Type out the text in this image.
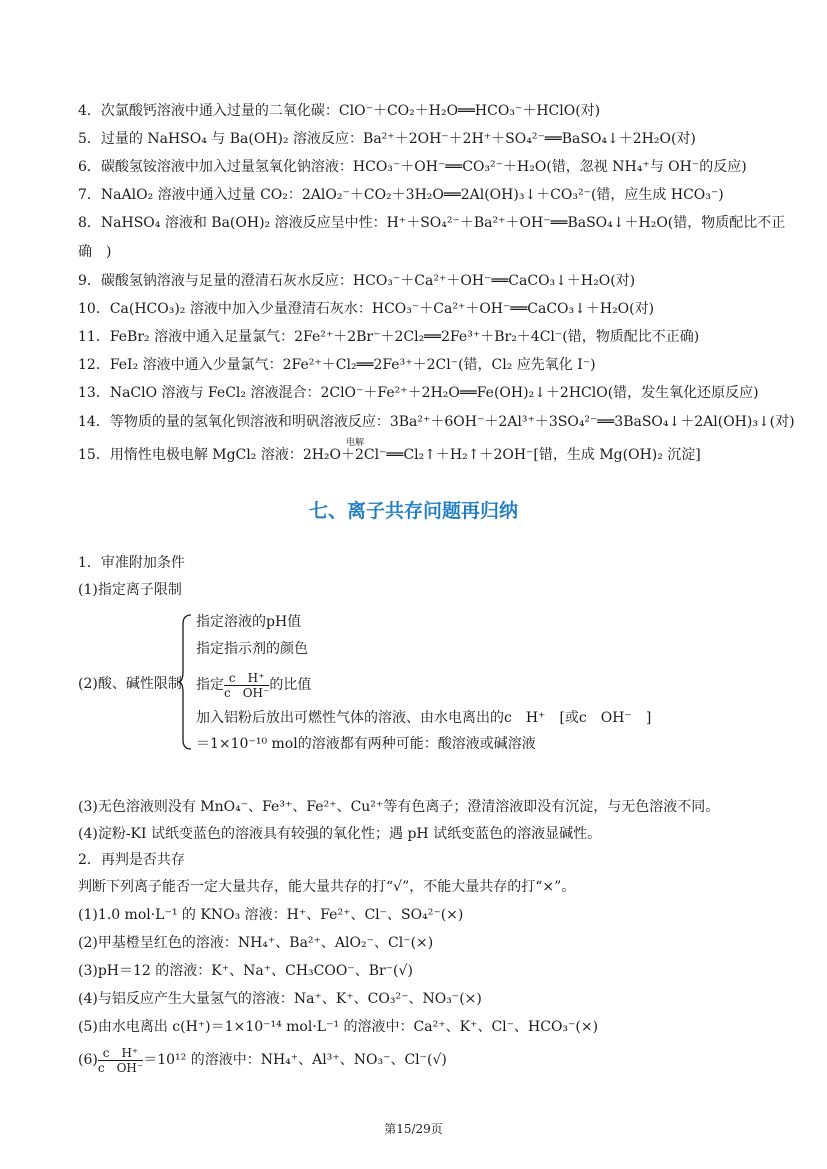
4．次氯酸钙溶液中通入过量的二氧化碳：ClO⁻＋CO₂＋H₂O══HCO₃⁻＋HClO(对)
5．过量的 NaHSO₄ 与 Ba(OH)₂ 溶液反应：Ba²⁺＋2OH⁻＋2H⁺＋SO₄²⁻══BaSO₄↓＋2H₂O(对)
6．碳酸氢铵溶液中加入过量氢氧化钠溶液：HCO₃⁻＋OH⁻══CO₃²⁻＋H₂O(错，忽视 NH₄⁺与 OH⁻的反应)
7．NaAlO₂ 溶液中通入过量 CO₂：2AlO₂⁻＋CO₂＋3H₂O══2Al(OH)₃↓＋CO₃²⁻(错，应生成 HCO₃⁻)
8．NaHSO₄ 溶液和 Ba(OH)₂ 溶液反应呈中性：H⁺＋SO₄²⁻＋Ba²⁺＋OH⁻══BaSO₄↓＋H₂O(错，物质配比不正
确　)
9．碳酸氢钠溶液与足量的澄清石灰水反应：HCO₃⁻＋Ca²⁺＋OH⁻══CaCO₃↓＋H₂O(对)
10．Ca(HCO₃)₂ 溶液中加入少量澄清石灰水：HCO₃⁻＋Ca²⁺＋OH⁻══CaCO₃↓＋H₂O(对)
11．FeBr₂ 溶液中通入足量氯气：2Fe²⁺＋2Br⁻＋2Cl₂══2Fe³⁺＋Br₂＋4Cl⁻(错，物质配比不正确)
12．FeI₂ 溶液中通入少量氯气：2Fe²⁺＋Cl₂══2Fe³⁺＋2Cl⁻(错，Cl₂ 应先氧化 I⁻)
13．NaClO 溶液与 FeCl₂ 溶液混合：2ClO⁻＋Fe²⁺＋2H₂O══Fe(OH)₂↓＋2HClO(错，发生氧化还原反应)
14．等物质的量的氢氧化钡溶液和明矾溶液反应：3Ba²⁺＋6OH⁻＋2Al³⁺＋3SO₄²⁻══3BaSO₄↓＋2Al(OH)₃↓(对)
15．用惰性电极电解 MgCl₂ 溶液：2H₂O＋2Cl⁻══Cl₂↑＋H₂↑＋2OH⁻[错，生成 Mg(OH)₂ 沉淀]
电解
七、离子共存问题再归纳
1．审准附加条件
(1)指定离子限制
(2)酸、碱性限制
指定溶液的pH值
指定指示剂的颜色
指定 $\frac{\text{c　H⁺}}{\text{c　OH⁻}}$ 的比值
加入铝粉后放出可燃性气体的溶液、由水电离出的c　H⁺　[或c　OH⁻　]
＝1×10⁻¹⁰ mol的溶液都有两种可能：酸溶液或碱溶液
(3)无色溶液则没有 MnO₄⁻、Fe³⁺、Fe²⁺、Cu²⁺等有色离子；澄清溶液即没有沉淀，与无色溶液不同。
(4)淀粉-KI 试纸变蓝色的溶液具有较强的氧化性；遇 pH 试纸变蓝色的溶液显碱性。
2．再判是否共存
判断下列离子能否一定大量共存，能大量共存的打“√”，不能大量共存的打“×”。
(1)1.0 mol·L⁻¹ 的 KNO₃ 溶液：H⁺、Fe²⁺、Cl⁻、SO₄²⁻(×)
(2)甲基橙呈红色的溶液：NH₄⁺、Ba²⁺、AlO₂⁻、Cl⁻(×)
(3)pH＝12 的溶液：K⁺、Na⁺、CH₃COO⁻、Br⁻(√)
(4)与铝反应产生大量氢气的溶液：Na⁺、K⁺、CO₃²⁻、NO₃⁻(×)
(5)由水电离出 c(H⁺)＝1×10⁻¹⁴ mol·L⁻¹ 的溶液中：Ca²⁺、K⁺、Cl⁻、HCO₃⁻(×)
$(6) \frac{\text{c　H⁺}}{\text{c　OH⁻}} =10^{12}$ 的溶液中：NH₄⁺、Al³⁺、NO₃⁻、Cl⁻(√)
第15/29页
